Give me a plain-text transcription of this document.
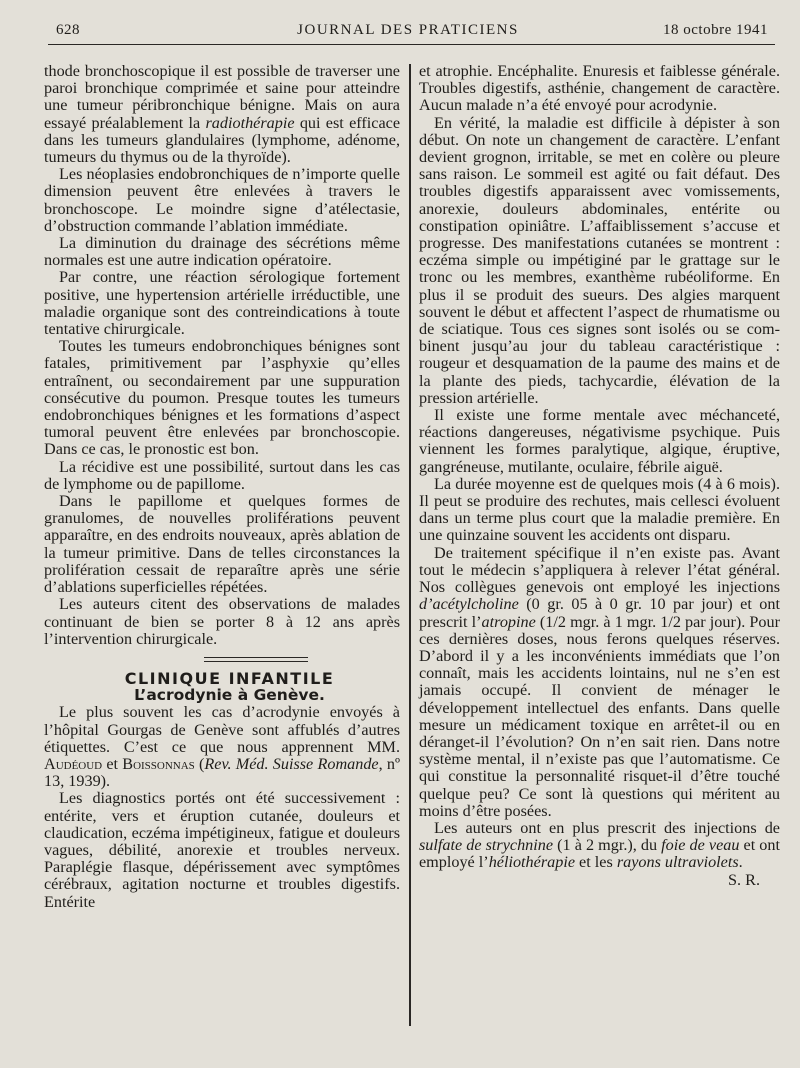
628	JOURNAL DES PRATICIENS	18 octobre 1941

thode bronchoscopique il est possible de traverser une paroi bronchique comprimée et saine pour atteindre une tumeur péribronchique bénigne. Mais on aura essayé préalablement la radiothérapie qui est efficace dans les tumeurs glandulaires (lymphome, adénome, tumeurs du thymus ou de la thyroïde).

Les néoplasies endobronchiques de n’importe quelle dimension peuvent être enlevées à travers le bronchoscope. Le moindre signe d’atélectasie, d’obstruction commande l’ablation immédiate.

La diminution du drainage des sécrétions même normales est une autre indication opératoire.

Par contre, une réaction sérologique fortement positive, une hypertension artérielle irréductible, une maladie organique sont des contreindications à toute tentative chirurgicale.

Toutes les tumeurs endobronchiques bénignes sont fatales, primitivement par l’asphyxie qu’elles entraînent, ou secondairement par une suppuration consécutive du poumon. Presque toutes les tumeurs endobronchiques bénignes et les formations d’aspect tumoral peuvent être enlevées par bronchoscopie. Dans ce cas, le pronostic est bon.

La récidive est une possibilité, surtout dans les cas de lymphome ou de papillome.

Dans le papillome et quelques formes de granulomes, de nouvelles proliférations peuvent apparaître, en des endroits nouveaux, après ablation de la tumeur primitive. Dans de telles circonstances la prolifération cessait de reparaître après une série d’ablations superficielles répétées.

Les auteurs citent des observations de malades continuant de bien se porter 8 à 12 ans après l’intervention chirurgicale.

CLINIQUE INFANTILE

L’acrodynie à Genève.

Le plus souvent les cas d’acrodynie envoyés à l’hôpital Gourgas de Genève sont affublés d’autres étiquettes. C’est ce que nous apprennent MM. Audéoud et Boissonnas (Rev. Méd. Suisse Romande, nº 13, 1939).

Les diagnostics portés ont été successivement : entérite, vers et éruption cutanée, douleurs et claudication, eczéma impétigineux, fatigue et douleurs vagues, débilité, anorexie et troubles nerveux. Paraplégie flasque, dépérissement avec symptômes cérébraux, agitation nocturne et troubles digestifs. Entérite

et atrophie. Encéphalite. Enuresis et faiblesse générale. Troubles digestifs, asthénie, changement de caractère. Aucun malade n’a été envoyé pour acrodynie.

En vérité, la maladie est difficile à dépister à son début. On note un changement de caractère. L’enfant devient grognon, irritable, se met en colère ou pleure sans raison. Le sommeil est agité ou fait défaut. Des troubles digestifs apparaissent avec vomissements, anorexie, douleurs abdominales, entérite ou constipation opiniâtre. L’affaiblissement s’accuse et progresse. Des manifestations cutanées se montrent : eczéma simple ou impétiginé par le grattage sur le tronc ou les membres, exanthème rubéoliforme. En plus il se produit des sueurs. Des algies marquent souvent le début et affectent l’aspect de rhumatisme ou de sciatique. Tous ces signes sont isolés ou se combinent jusqu’au jour du tableau caractéristique : rougeur et desquamation de la paume des mains et de la plante des pieds, tachycardie, élévation de la pression artérielle.

Il existe une forme mentale avec méchanceté, réactions dangereuses, négativisme psychique. Puis viennent les formes paralytique, algique, éruptive, gangréneuse, mutilante, oculaire, fébrile aiguë.

La durée moyenne est de quelques mois (4 à 6 mois). Il peut se produire des rechutes, mais cellesci évoluent dans un terme plus court que la maladie première. En une quinzaine souvent les accidents ont disparu.

De traitement spécifique il n’en existe pas. Avant tout le médecin s’appliquera à relever l’état général. Nos collègues genevois ont employé les injections d’acétylcholine (0 gr. 05 à 0 gr. 10 par jour) et ont prescrit l’atropine (1/2 mgr. à 1 mgr. 1/2 par jour). Pour ces dernières doses, nous ferons quelques réserves. D’abord il y a les inconvénients immédiats que l’on connaît, mais les accidents lointains, nul ne s’en est jamais occupé. Il convient de ménager le développement intellectuel des enfants. Dans quelle mesure un médicament toxique en arrêtet-il ou en déranget-il l’évolution? On n’en sait rien. Dans notre système mental, il n’existe pas que l’automatisme. Ce qui constitue la personnalité risquet-il d’être touché quelque peu? Ce sont là questions qui méritent au moins d’être posées.

Les auteurs ont en plus prescrit des injections de sulfate de strychnine (1 à 2 mgr.), du foie de veau et ont employé l’héliothérapie et les rayons ultraviolets.
S. R.
